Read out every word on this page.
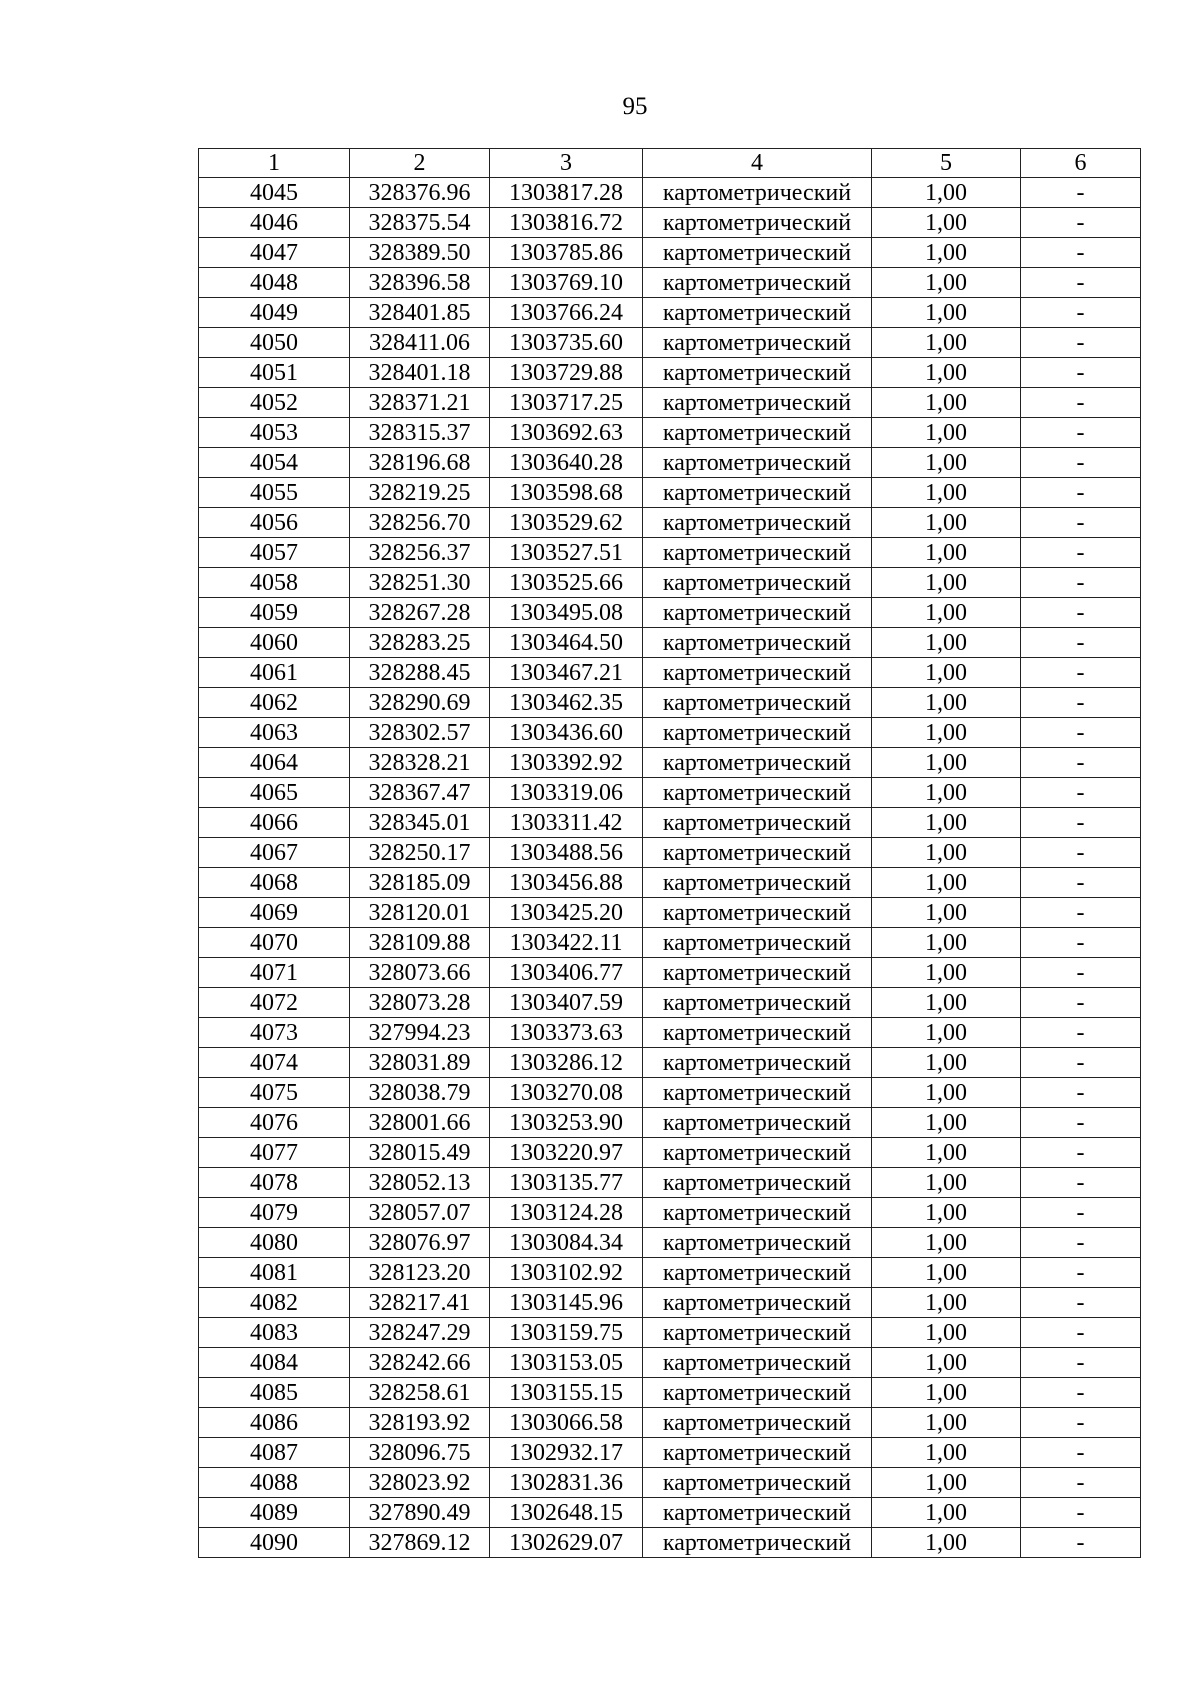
95
1	2	3	4	5	6
4045	328376.96	1303817.28	картометрический	1,00	-
4046	328375.54	1303816.72	картометрический	1,00	-
4047	328389.50	1303785.86	картометрический	1,00	-
4048	328396.58	1303769.10	картометрический	1,00	-
4049	328401.85	1303766.24	картометрический	1,00	-
4050	328411.06	1303735.60	картометрический	1,00	-
4051	328401.18	1303729.88	картометрический	1,00	-
4052	328371.21	1303717.25	картометрический	1,00	-
4053	328315.37	1303692.63	картометрический	1,00	-
4054	328196.68	1303640.28	картометрический	1,00	-
4055	328219.25	1303598.68	картометрический	1,00	-
4056	328256.70	1303529.62	картометрический	1,00	-
4057	328256.37	1303527.51	картометрический	1,00	-
4058	328251.30	1303525.66	картометрический	1,00	-
4059	328267.28	1303495.08	картометрический	1,00	-
4060	328283.25	1303464.50	картометрический	1,00	-
4061	328288.45	1303467.21	картометрический	1,00	-
4062	328290.69	1303462.35	картометрический	1,00	-
4063	328302.57	1303436.60	картометрический	1,00	-
4064	328328.21	1303392.92	картометрический	1,00	-
4065	328367.47	1303319.06	картометрический	1,00	-
4066	328345.01	1303311.42	картометрический	1,00	-
4067	328250.17	1303488.56	картометрический	1,00	-
4068	328185.09	1303456.88	картометрический	1,00	-
4069	328120.01	1303425.20	картометрический	1,00	-
4070	328109.88	1303422.11	картометрический	1,00	-
4071	328073.66	1303406.77	картометрический	1,00	-
4072	328073.28	1303407.59	картометрический	1,00	-
4073	327994.23	1303373.63	картометрический	1,00	-
4074	328031.89	1303286.12	картометрический	1,00	-
4075	328038.79	1303270.08	картометрический	1,00	-
4076	328001.66	1303253.90	картометрический	1,00	-
4077	328015.49	1303220.97	картометрический	1,00	-
4078	328052.13	1303135.77	картометрический	1,00	-
4079	328057.07	1303124.28	картометрический	1,00	-
4080	328076.97	1303084.34	картометрический	1,00	-
4081	328123.20	1303102.92	картометрический	1,00	-
4082	328217.41	1303145.96	картометрический	1,00	-
4083	328247.29	1303159.75	картометрический	1,00	-
4084	328242.66	1303153.05	картометрический	1,00	-
4085	328258.61	1303155.15	картометрический	1,00	-
4086	328193.92	1303066.58	картометрический	1,00	-
4087	328096.75	1302932.17	картометрический	1,00	-
4088	328023.92	1302831.36	картометрический	1,00	-
4089	327890.49	1302648.15	картометрический	1,00	-
4090	327869.12	1302629.07	картометрический	1,00	-
